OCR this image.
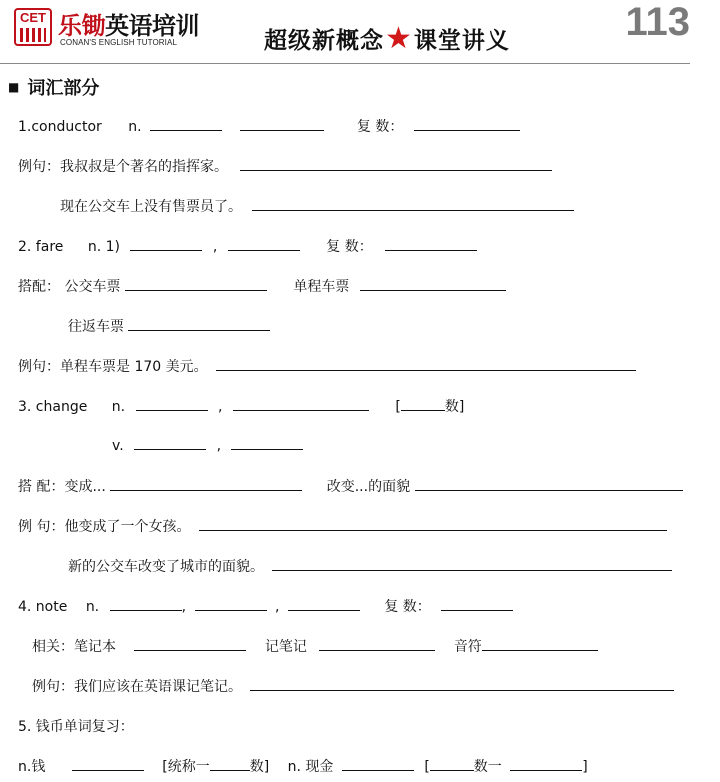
CET 乐锄英语培训
CONAN'S ENGLISH TUTORIAL	超级新概念 ★ 课堂讲义	113
■ 词汇部分
1.conductor n.	复 数：
例句：我叔叔是个著名的指挥家。
现在公交车上没有售票员了。
2. fare n. 1)	,	复 数：
搭配： 公交车票	单程车票
往返车票
例句：单程车票是 170 美元。
3. change n.	,	[	数]
v.	,
搭 配：变成...	改变...的面貌
例 句：他变成了一个女孩。
新的公交车改变了城市的面貌。
4. note n.	,	,	复 数：
相关：笔记本	记笔记	音符
例句：我们应该在英语课记笔记。
5. 钱币单词复习：
n.钱	[统称一	数] n. 现金	[	数一	]
